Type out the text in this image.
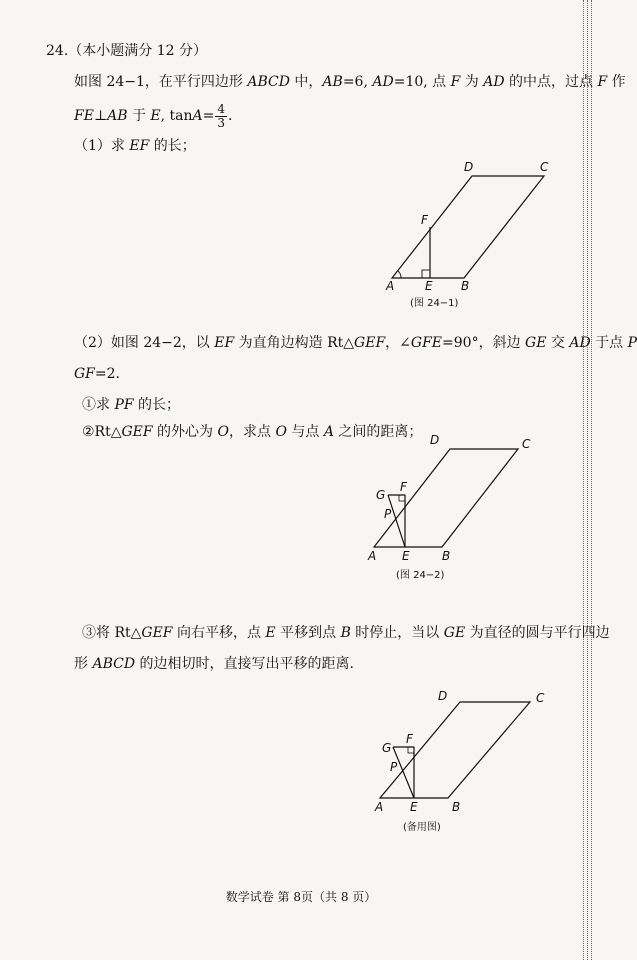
24.（本小题满分 12 分）
如图 24−1，在平行四边形 ABCD 中，AB=6, AD=10, 点 F 为 AD 的中点，过点 F 作
FE⊥AB 于 E, $\tan A= \frac{4}{3}$ .
（1）求 EF 的长；
D	C
F
A	E B
(图 24−1)
（2）如图 24−2，以 EF 为直角边构造 Rt△GEF，∠GFE=90°，斜边 GE 交 AD 于点 P
GF=2.
①求 PF 的长；
②Rt△GEF 的外心为 O，求点 O 与点 A 之间的距离； D	C
F
G
P
A E	B
(图 24−2)
③将 Rt△GEF 向右平移，点 E 平移到点 B 时停止，当以 GE 为直径的圆与平行四边
形 ABCD 的边相切时，直接写出平移的距离.
D	C
F
G
P
A E	B
(备用图)
数学试卷 第 8页（共 8 页）
